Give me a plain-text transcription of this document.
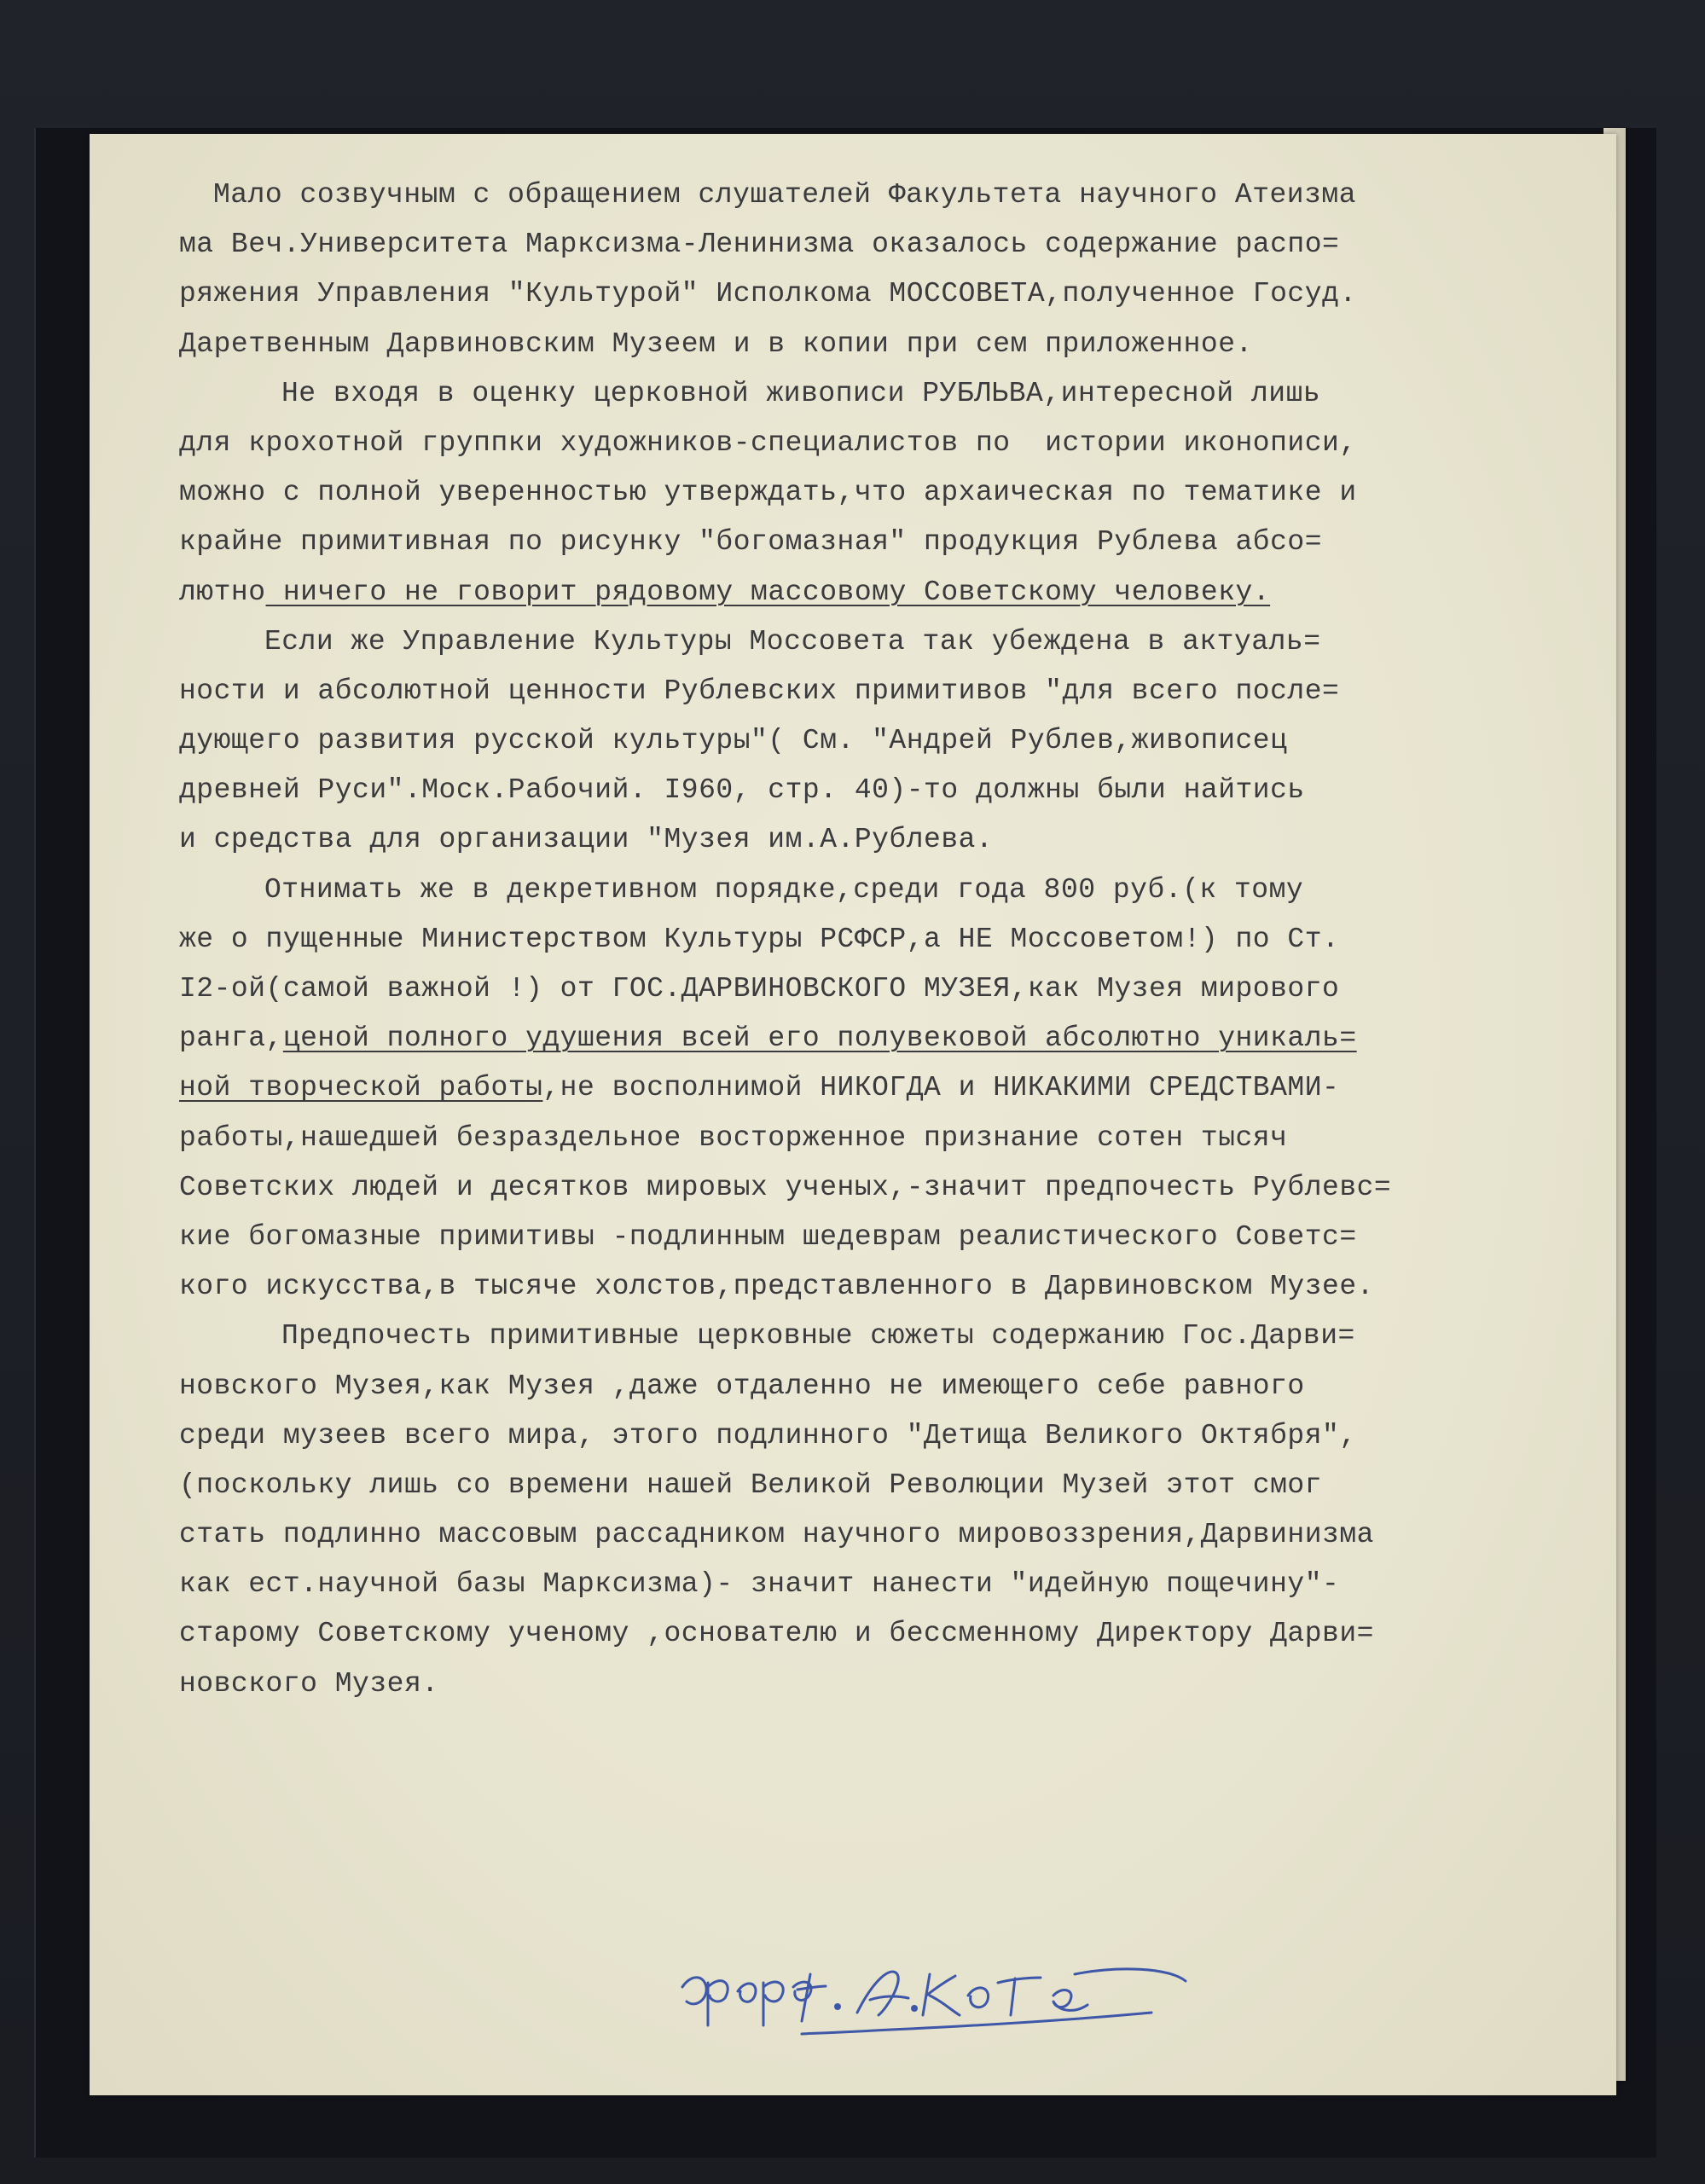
Мало созвучным с обращением слушателей Факультета научного Атеизма
ма Веч.Университета Марксизма-Ленинизма оказалось содержание распо=
ряжения Управления "Культурой" Исполкома МОССОВЕТА,полученное Госуд.
Даретвенным Дарвиновским Музеем и в копии при сем приложенное.
Не входя в оценку церковной живописи РУБЛЬВА,интересной лишь
для крохотной группки художников-специалистов по  истории иконописи,
можно с полной уверенностью утверждать,что архаическая по тематике и
крайне примитивная по рисунку "богомазная" продукция Рублева абсо=
лютно ничего не говорит рядовому массовому Советскому человеку.
Если же Управление Культуры Моссовета так убеждена в актуаль=
ности и абсолютной ценности Рублевских примитивов "для всего после=
дующего развития русской культуры"( См. "Андрей Рублев,живописец
древней Руси".Моск.Рабочий. I960, стр. 40)-то должны были найтись
и средства для организации "Музея им.А.Рублева.
Отнимать же в декретивном порядке,среди года 800 руб.(к тому
же о пущенные Министерством Культуры РСФСР,а НЕ Моссоветом!) по Ст.
I2-ой(самой важной !) от ГОС.ДАРВИНОВСКОГО МУЗЕЯ,как Музея мирового
ранга,ценой полного удушения всей его полувековой абсолютно уникаль=
ной творческой работы,не восполнимой НИКОГДА и НИКАКИМИ СРЕДСТВАМИ-
работы,нашедшей безраздельное восторженное признание сотен тысяч
Советских людей и десятков мировых ученых,-значит предпочесть Рублевс=
кие богомазные примитивы -подлинным шедеврам реалистического Советс=
кого искусства,в тысяче холстов,представленного в Дарвиновском Музее.
Предпочесть примитивные церковные сюжеты содержанию Гос.Дарви=
новского Музея,как Музея ,даже отдаленно не имеющего себе равного
среди музеев всего мира, этого подлинного "Детища Великого Октября",
(поскольку лишь со времени нашей Великой Революции Музей этот смог
стать подлинно массовым рассадником научного мировоззрения,Дарвинизма
как ест.научной базы Марксизма)- значит нанести "идейную пощечину"-
старому Советскому ученому ,основателю и бессменному Директору Дарви=
новского Музея.
